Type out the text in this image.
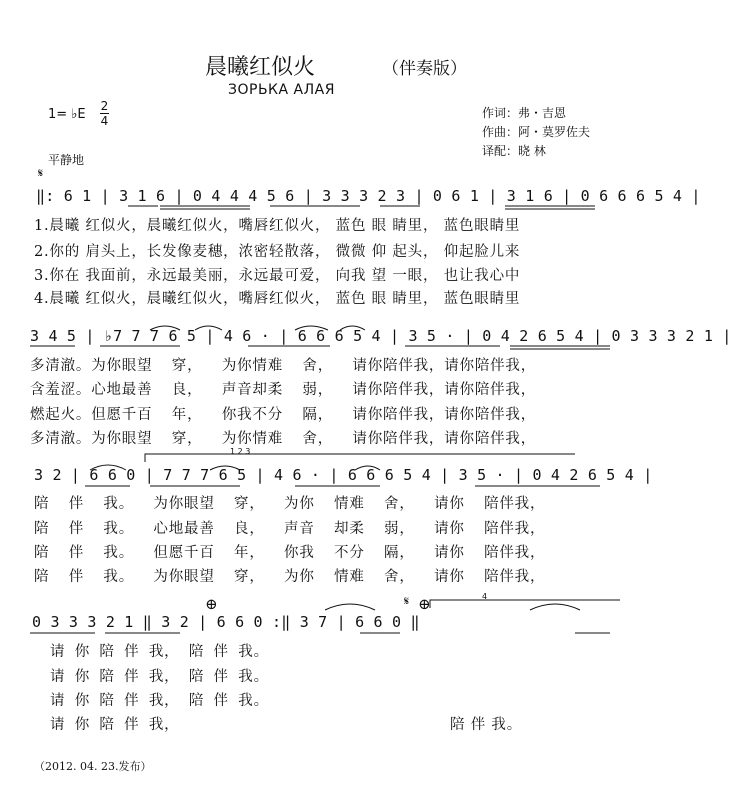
晨曦红似火	（伴奏版）
ЗОРЬКА АЛАЯ
1= ♭E
2
4
作词：弗・吉恩
作曲：阿・莫罗佐夫
译配：晓 林
平静地
𝄋
‖: 6 1 | 3 1 6 | 0 4 4 4 5 6 | 3 3 3 2 3 | 0 6 1 | 3 1 6 | 0 6 6 6 5 4 |
1.晨曦 红似火，晨曦红似火，嘴唇红似火， 蓝色 眼 睛里， 蓝色眼睛里
2.你的 肩头上，长发像麦穗，浓密轻散落， 微微 仰 起头， 仰起脸儿来
3.你在 我面前，永远最美丽，永远最可爱， 向我 望 一眼， 也让我心中
4.晨曦 红似火，晨曦红似火，嘴唇红似火， 蓝色 眼 睛里， 蓝色眼睛里
3 4 5 | ♭7 7 7 6 5 | 4 6 · | 6 6 6 5 4 | 3 5 · | 0 4 2 6 5 4 | 0 3 3 3 2 1 |
多清澈。为你眼望 穿， 为你情难 舍， 请你陪伴我，请你陪伴我，
含羞涩。心地最善 良， 声音却柔 弱， 请你陪伴我，请你陪伴我，
燃起火。但愿千百 年， 你我不分 隔， 请你陪伴我，请你陪伴我，
多清澈。为你眼望 穿， 为你情难 舍， 请你陪伴我，请你陪伴我，
1 2 3
3 2 | 6 6 0 | 7 7 7 6 5 | 4 6 · | 6 6 6 5 4 | 3 5 · | 0 4 2 6 5 4 |
陪 伴 我。 为你眼望 穿， 为你 情难 舍， 请你 陪伴我，
陪 伴 我。 心地最善 良， 声音 却柔 弱， 请你 陪伴我，
陪 伴 我。 但愿千百 年， 你我 不分 隔， 请你 陪伴我，
陪 伴 我。 为你眼望 穿， 为你 情难 舍， 请你 陪伴我，
⊕	𝄋 ⊕	4
0 3 3 3 2 1 ‖ 3 2 | 6 6 0 :‖ 3 7 | 6 6 0 ‖
请 你 陪 伴 我， 陪 伴 我。
请 你 陪 伴 我， 陪 伴 我。
请 你 陪 伴 我， 陪 伴 我。
请 你 陪 伴 我，	陪 伴 我。
（2012. 04. 23.发布）
